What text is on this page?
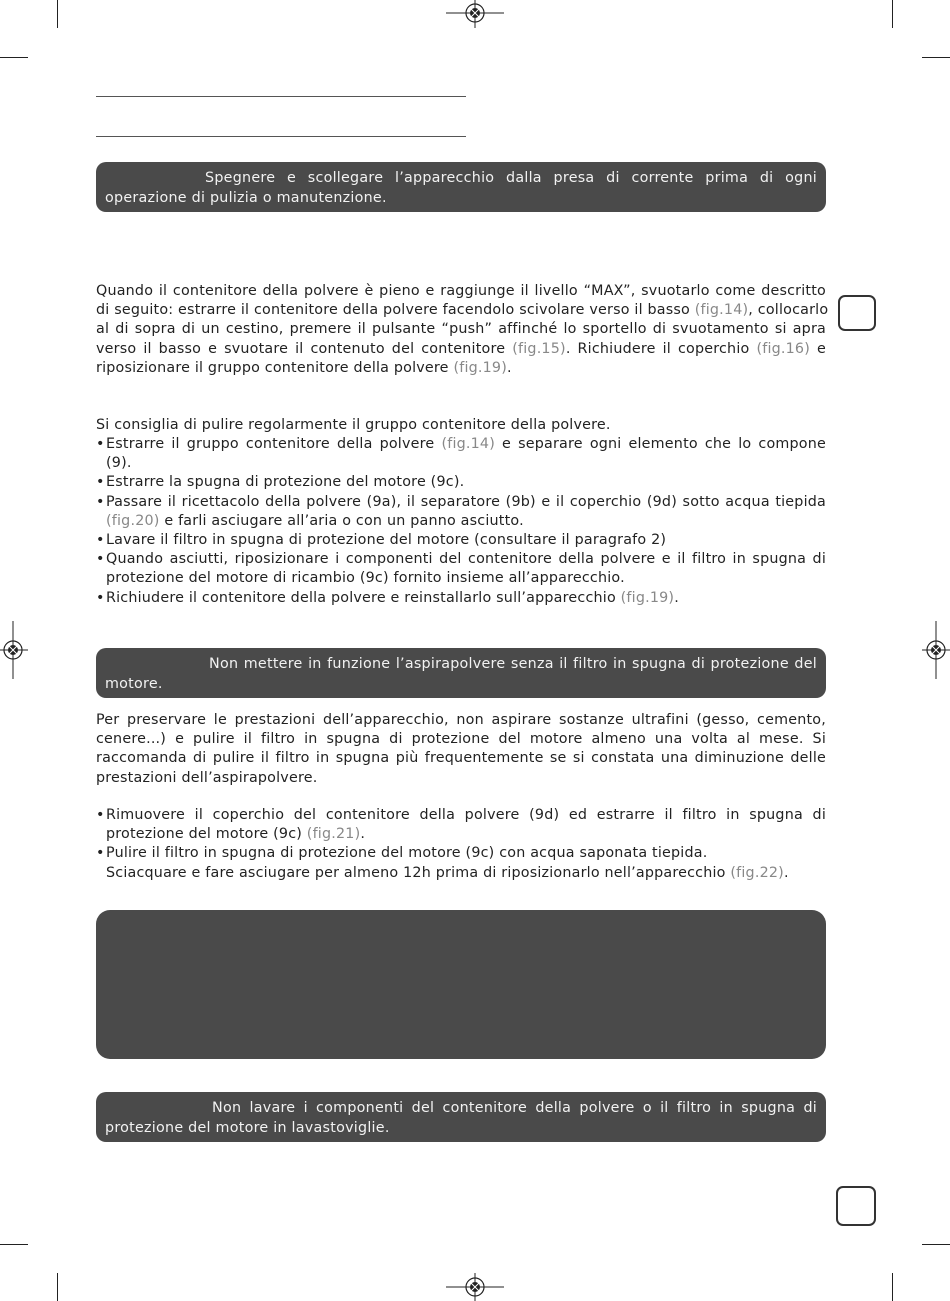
Spegnere e scollegare l’apparecchio dalla presa di corrente prima di ogni operazione di pulizia o manutenzione.
Quando il contenitore della polvere è pieno e raggiunge il livello “MAX”, svuotarlo come descritto
di seguito: estrarre il contenitore della polvere facendolo scivolare verso il basso (fig.14), collocarlo
al di sopra di un cestino, premere il pulsante “push” affinché lo sportello di svuotamento si apra
verso il basso e svuotare il contenuto del contenitore (fig.15). Richiudere il coperchio (fig.16) e
riposizionare il gruppo contenitore della polvere (fig.19).
Si consiglia di pulire regolarmente il gruppo contenitore della polvere.
• Estrarre il gruppo contenitore della polvere (fig.14) e separare ogni elemento che lo compone (9).
• Estrarre la spugna di protezione del motore (9c).
• Passare il ricettacolo della polvere (9a), il separatore (9b) e il coperchio (9d) sotto acqua tiepida (fig.20) e farli asciugare all’aria o con un panno asciutto.
• Lavare il filtro in spugna di protezione del motore (consultare il paragrafo 2)
• Quando asciutti, riposizionare i componenti del contenitore della polvere e il filtro in spugna di protezione del motore di ricambio (9c) fornito insieme all’apparecchio.
• Richiudere il contenitore della polvere e reinstallarlo sull’apparecchio (fig.19).
Non mettere in funzione l’aspirapolvere senza il filtro in spugna di protezione del motore.
Per preservare le prestazioni dell’apparecchio, non aspirare sostanze ultrafini (gesso, cemento,
cenere...) e pulire il filtro in spugna di protezione del motore almeno una volta al mese. Si
raccomanda di pulire il filtro in spugna più frequentemente se si constata una diminuzione delle
prestazioni dell’aspirapolvere.
• Rimuovere il coperchio del contenitore della polvere (9d) ed estrarre il filtro in spugna di protezione del motore (9c) (fig.21).
• Pulire il filtro in spugna di protezione del motore (9c) con acqua saponata tiepida.
Sciacquare e fare asciugare per almeno 12h prima di riposizionarlo nell’apparecchio (fig.22).
Non lavare i componenti del contenitore della polvere o il filtro in spugna di protezione del motore in lavastoviglie.
